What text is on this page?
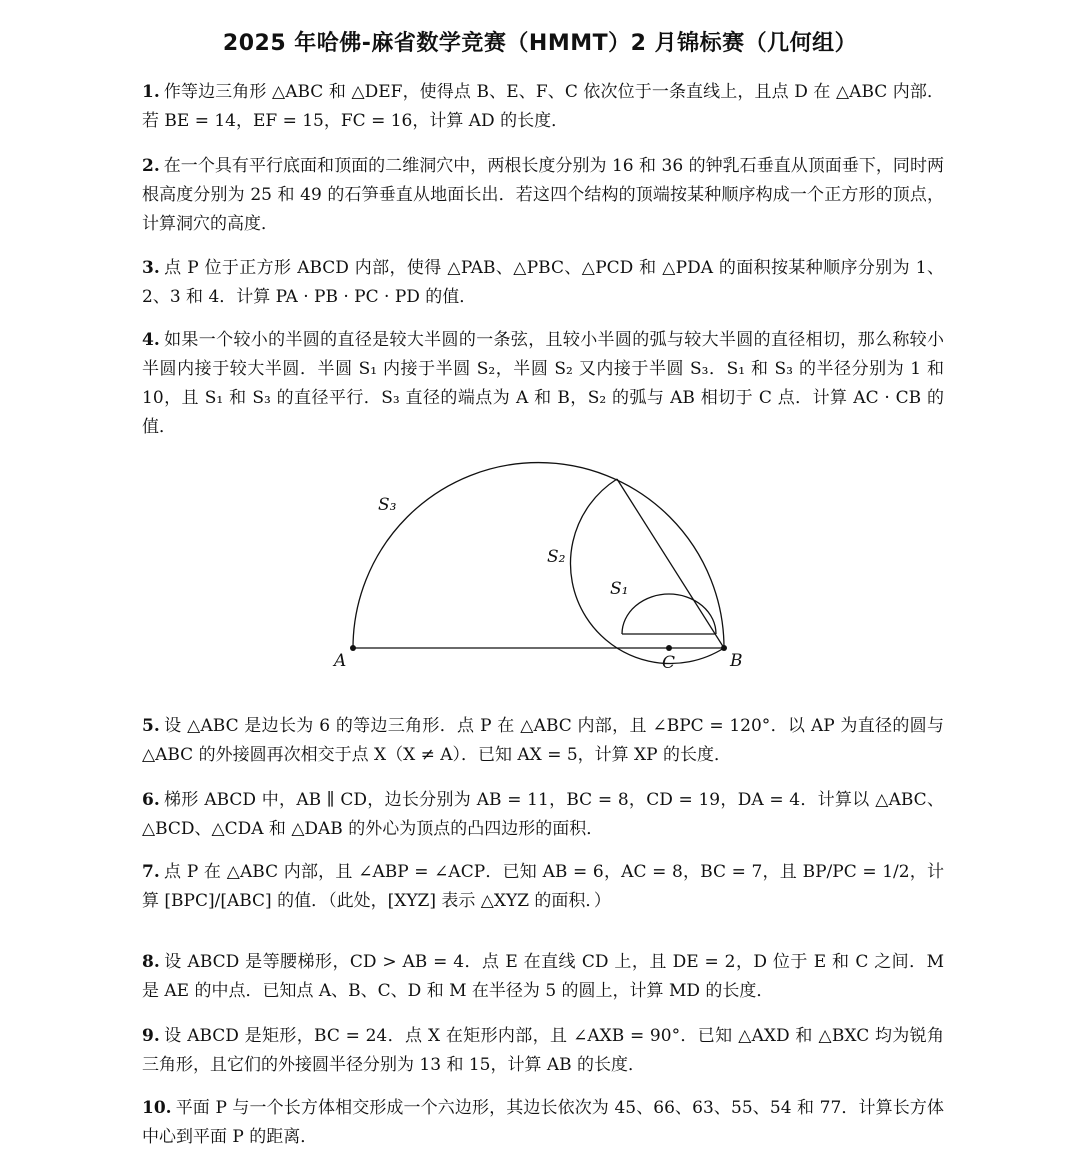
2025 年哈佛-麻省数学竞赛（HMMT）2 月锦标赛（几何组）
1. 作等边三角形 △ABC 和 △DEF，使得点 B、E、F、C 依次位于一条直线上，且点 D 在 △ABC 内部．若 BE = 14，EF = 15，FC = 16，计算 AD 的长度．
2. 在一个具有平行底面和顶面的二维洞穴中，两根长度分别为 16 和 36 的钟乳石垂直从顶面垂下，同时两根高度分别为 25 和 49 的石笋垂直从地面长出．若这四个结构的顶端按某种顺序构成一个正方形的顶点，计算洞穴的高度．
3. 点 P 位于正方形 ABCD 内部，使得 △PAB、△PBC、△PCD 和 △PDA 的面积按某种顺序分别为 1、2、3 和 4．计算 PA · PB · PC · PD 的值．
4. 如果一个较小的半圆的直径是较大半圆的一条弦，且较小半圆的弧与较大半圆的直径相切，那么称较小半圆内接于较大半圆．半圆 S₁ 内接于半圆 S₂，半圆 S₂ 又内接于半圆 S₃．S₁ 和 S₃ 的半径分别为 1 和 10，且 S₁ 和 S₃ 的直径平行．S₃ 直径的端点为 A 和 B，S₂ 的弧与 AB 相切于 C 点．计算 AC · CB 的值．
S₃
S₂
S₁
A	C	B
5. 设 △ABC 是边长为 6 的等边三角形．点 P 在 △ABC 内部，且 ∠BPC = 120°．以 AP 为直径的圆与 △ABC 的外接圆再次相交于点 X（X ≠ A）．已知 AX = 5，计算 XP 的长度．
6. 梯形 ABCD 中，AB ∥ CD，边长分别为 AB = 11，BC = 8，CD = 19，DA = 4．计算以 △ABC、△BCD、△CDA 和 △DAB 的外心为顶点的凸四边形的面积．
7. 点 P 在 △ABC 内部，且 ∠ABP = ∠ACP．已知 AB = 6，AC = 8，BC = 7，且 BP/PC = 1/2，计算 [BPC]/[ABC] 的值．（此处，[XYZ] 表示 △XYZ 的面积．）
8. 设 ABCD 是等腰梯形，CD > AB = 4．点 E 在直线 CD 上，且 DE = 2，D 位于 E 和 C 之间．M 是 AE 的中点．已知点 A、B、C、D 和 M 在半径为 5 的圆上，计算 MD 的长度．
9. 设 ABCD 是矩形，BC = 24．点 X 在矩形内部，且 ∠AXB = 90°．已知 △AXD 和 △BXC 均为锐角三角形，且它们的外接圆半径分别为 13 和 15，计算 AB 的长度．
10. 平面 P 与一个长方体相交形成一个六边形，其边长依次为 45、66、63、55、54 和 77．计算长方体中心到平面 P 的距离．
